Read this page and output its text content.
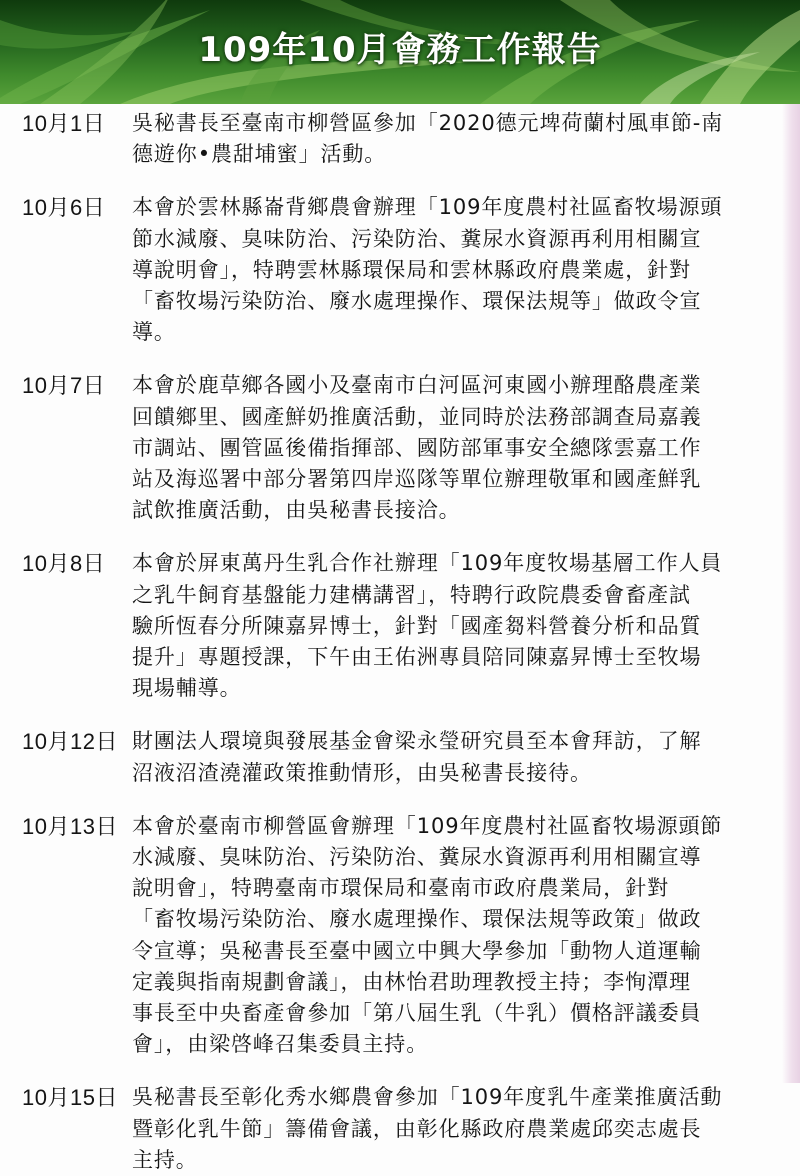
109年10月會務工作報告
10月1日	吳秘書長至臺南市柳營區參加「2020德元埤荷蘭村風車節-南
德遊你•農甜埔蜜」活動。
10月6日	本會於雲林縣崙背鄉農會辦理「109年度農村社區畜牧場源頭
節水減廢、臭味防治、污染防治、糞尿水資源再利用相關宣
導說明會」，特聘雲林縣環保局和雲林縣政府農業處，針對
「畜牧場污染防治、廢水處理操作、環保法規等」做政令宣
導。
10月7日	本會於鹿草鄉各國小及臺南市白河區河東國小辦理酪農產業
回饋鄉里、國產鮮奶推廣活動，並同時於法務部調查局嘉義
市調站、團管區後備指揮部、國防部軍事安全總隊雲嘉工作
站及海巡署中部分署第四岸巡隊等單位辦理敬軍和國產鮮乳
試飲推廣活動，由吳秘書長接洽。
10月8日	本會於屏東萬丹生乳合作社辦理「109年度牧場基層工作人員
之乳牛飼育基盤能力建構講習」，特聘行政院農委會畜產試
驗所恆春分所陳嘉昇博士，針對「國產芻料營養分析和品質
提升」專題授課，下午由王佑洲專員陪同陳嘉昇博士至牧場
現場輔導。
10月12日 財團法人環境與發展基金會梁永瑩研究員至本會拜訪，了解
沼液沼渣澆灌政策推動情形，由吳秘書長接待。
10月13日 本會於臺南市柳營區會辦理「109年度農村社區畜牧場源頭節
水減廢、臭味防治、污染防治、糞尿水資源再利用相關宣導
說明會」，特聘臺南市環保局和臺南市政府農業局，針對
「畜牧場污染防治、廢水處理操作、環保法規等政策」做政
令宣導；吳秘書長至臺中國立中興大學參加「動物人道運輸
定義與指南規劃會議」，由林怡君助理教授主持；李恂潭理
事長至中央畜產會參加「第八屆生乳（牛乳）價格評議委員
會」，由梁啓峰召集委員主持。
10月15日 吳秘書長至彰化秀水鄉農會參加「109年度乳牛產業推廣活動
暨彰化乳牛節」籌備會議，由彰化縣政府農業處邱奕志處長
主持。
